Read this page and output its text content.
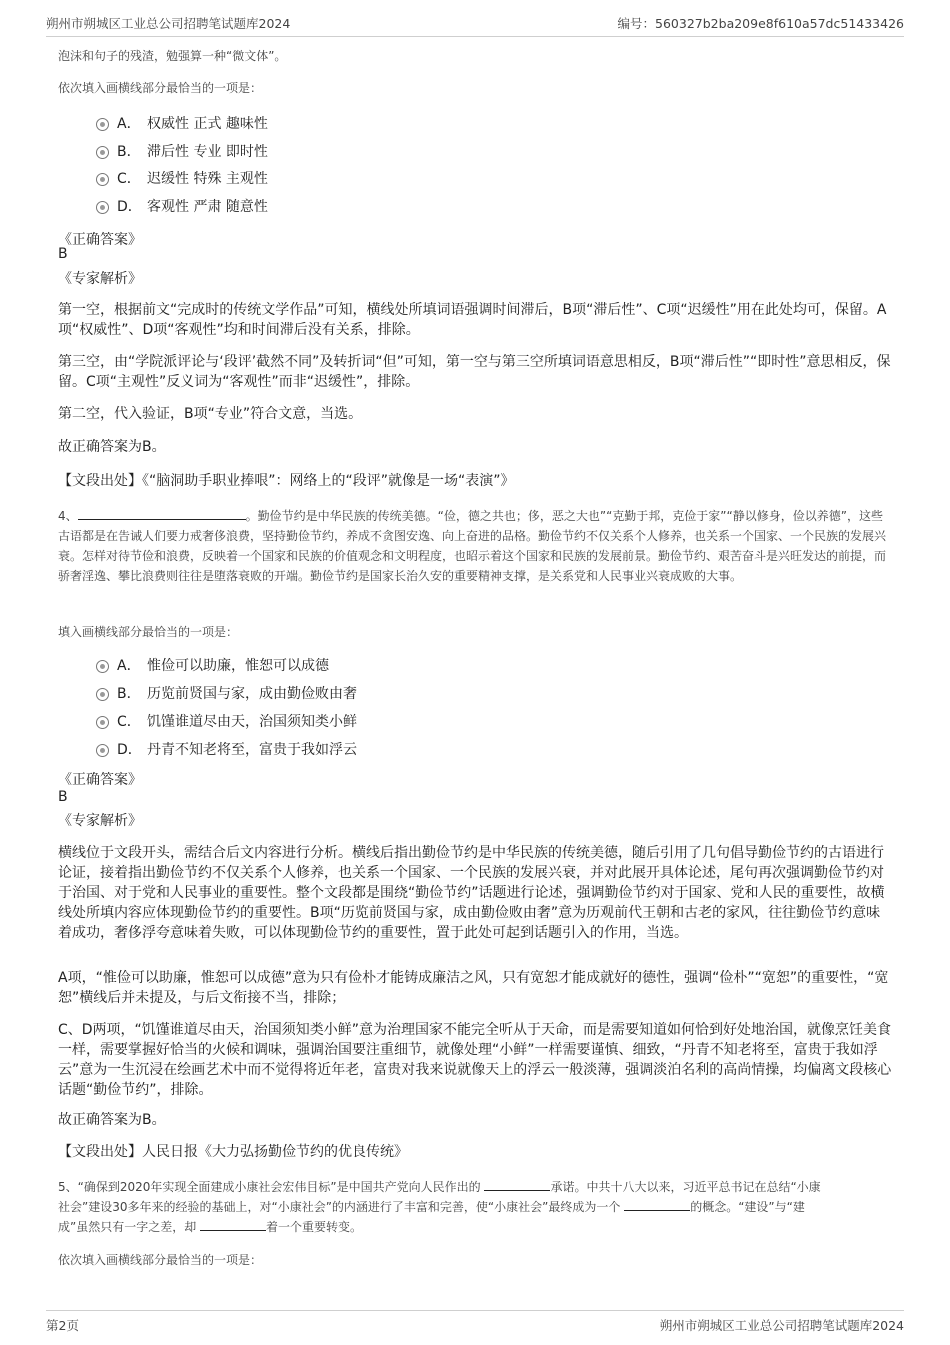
朔州市朔城区工业总公司招聘笔试题库2024	编号：560327b2ba209e8f610a57dc51433426
泡沫和句子的残渣，勉强算一种“微文体”。
依次填入画横线部分最恰当的一项是：
A． 权威性 正式 趣味性
B． 滞后性 专业 即时性
C． 迟缓性 特殊 主观性
D． 客观性 严肃 随意性
《正确答案》
B
《专家解析》
第一空，根据前文“完成时的传统文学作品”可知，横线处所填词语强调时间滞后，B项“滞后性”、C项“迟缓性”用在此处均可，保留。A项“权威性”、D项“客观性”均和时间滞后没有关系，排除。
第三空，由“学院派评论与‘段评’截然不同”及转折词“但”可知，第一空与第三空所填词语意思相反，B项“滞后性”“即时性”意思相反，保留。C项“主观性”反义词为“客观性”而非“迟缓性”，排除。
第二空，代入验证，B项“专业”符合文意，当选。
故正确答案为B。
【文段出处】《“脑洞助手职业捧哏”：网络上的“段评”就像是一场“表演”》
4、	。勤俭节约是中华民族的传统美德。“俭，德之共也；侈，恶之大也”“克勤于邦，克俭于家”“静以修身，俭以养德”，这些古语都是在告诫人们要力戒奢侈浪费，坚持勤俭节约，养成不贪图安逸、向上奋进的品格。勤俭节约不仅关系个人修养，也关系一个国家、一个民族的发展兴衰。怎样对待节俭和浪费，反映着一个国家和民族的价值观念和文明程度，也昭示着这个国家和民族的发展前景。勤俭节约、艰苦奋斗是兴旺发达的前提，而骄奢淫逸、攀比浪费则往往是堕落衰败的开端。勤俭节约是国家长治久安的重要精神支撑，是关系党和人民事业兴衰成败的大事。
填入画横线部分最恰当的一项是：
A． 惟俭可以助廉，惟恕可以成德
B． 历览前贤国与家，成由勤俭败由奢
C． 饥馑谁道尽由天，治国须知类小鲜
D． 丹青不知老将至，富贵于我如浮云
《正确答案》
B
《专家解析》
横线位于文段开头，需结合后文内容进行分析。横线后指出勤俭节约是中华民族的传统美德，随后引用了几句倡导勤俭节约的古语进行论证，接着指出勤俭节约不仅关系个人修养，也关系一个国家、一个民族的发展兴衰，并对此展开具体论述，尾句再次强调勤俭节约对于治国、对于党和人民事业的重要性。整个文段都是围绕“勤俭节约”话题进行论述，强调勤俭节约对于国家、党和人民的重要性，故横线处所填内容应体现勤俭节约的重要性。B项“历览前贤国与家，成由勤俭败由奢”意为历观前代王朝和古老的家风，往往勤俭节约意味着成功，奢侈浮夸意味着失败，可以体现勤俭节约的重要性，置于此处可起到话题引入的作用，当选。
A项，“惟俭可以助廉，惟恕可以成德”意为只有俭朴才能铸成廉洁之风，只有宽恕才能成就好的德性，强调“俭朴”“宽恕”的重要性，“宽恕”横线后并未提及，与后文衔接不当，排除；
C、D两项，“饥馑谁道尽由天，治国须知类小鲜”意为治理国家不能完全听从于天命，而是需要知道如何恰到好处地治国，就像烹饪美食一样，需要掌握好恰当的火候和调味，强调治国要注重细节，就像处理“小鲜”一样需要谨慎、细致，“丹青不知老将至，富贵于我如浮云”意为一生沉浸在绘画艺术中而不觉得将近年老，富贵对我来说就像天上的浮云一般淡薄，强调淡泊名利的高尚情操，均偏离文段核心话题“勤俭节约”，排除。
故正确答案为B。
【文段出处】人民日报《大力弘扬勤俭节约的优良传统》
5、“确保到2020年实现全面建成小康社会宏伟目标”是中国共产党向人民作出的	承诺。中共十八大以来，习近平总书记在总结“小康
社会”建设30多年来的经验的基础上，对“小康社会”的内涵进行了丰富和完善，使“小康社会”最终成为一个	的概念。“建设”与“建
成”虽然只有一字之差，却	着一个重要转变。
依次填入画横线部分最恰当的一项是：
第2页	朔州市朔城区工业总公司招聘笔试题库2024
